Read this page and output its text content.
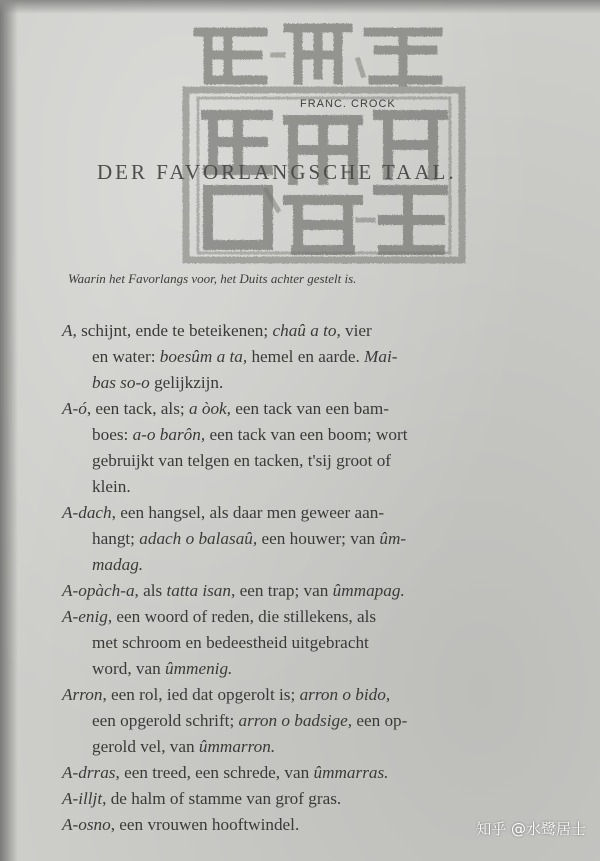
FRANC. CROCK
DER FAVORLANGSCHE TAAL.
Waarin het Favorlangs voor, het Duits achter gestelt is.
A, schijnt, ende te beteikenen; chaû a to, vier
en water: boesûm a ta, hemel en aarde. Mai-
bas so-o gelijkzijn.
A-ó, een tack, als; a òok, een tack van een bam-
boes: a-o barôn, een tack van een boom; wort
gebruijkt van telgen en tacken, t'sij groot of
klein.
A-dach, een hangsel, als daar men geweer aan-
hangt; adach o balasaû, een houwer; van ûm-
madag.
A-opàch-a, als tatta isan, een trap; van ûmmapag.
A-enig, een woord of reden, die stillekens, als
met schroom en bedeestheid uitgebracht
word, van ûmmenig.
Arron, een rol, ied dat opgerolt is; arron o bido,
een opgerold schrift; arron o badsige, een op-
gerold vel, van ûmmarron.
A-drras, een treed, een schrede, van ûmmarras.
A-illjt, de halm of stamme van grof gras.
A-osno, een vrouwen hooftwindel.	知乎 @水鹭居士
